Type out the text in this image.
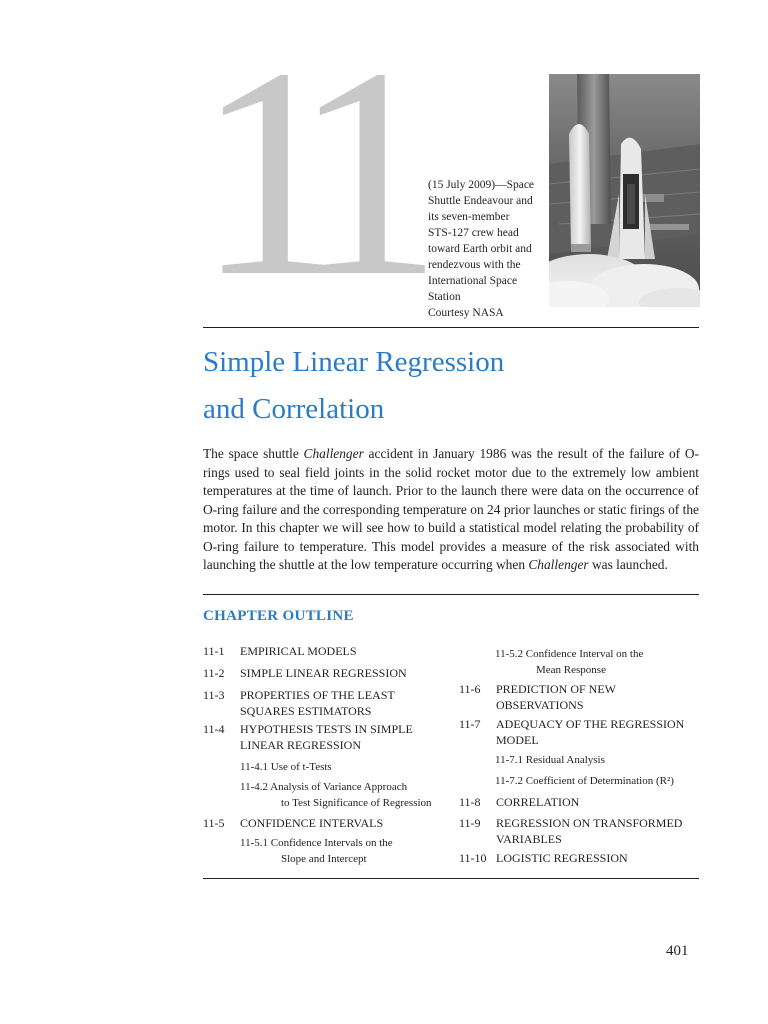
11 (15 July 2009)—Space
Shuttle Endeavour and
its seven-member
STS-127 crew head
toward Earth orbit and
rendezvous with the
International Space
Station
Courtesy NASA
Simple Linear Regression
and Correlation

The space shuttle Challenger accident in January 1986 was the result of the failure of O-rings used to seal field joints in the solid rocket motor due to the extremely low ambient temperatures at the time of launch. Prior to the launch there were data on the occurrence of O-ring failure and the corresponding temperature on 24 prior launches or static firings of the motor. In this chapter we will see how to build a statistical model relating the probability of O-ring failure to temperature. This model provides a measure of the risk associated with launching the shuttle at the low temperature occurring when Challenger was launched.

CHAPTER OUTLINE
11-1 EMPIRICAL MODELS
11-2 SIMPLE LINEAR REGRESSION
11-3 PROPERTIES OF THE LEAST
SQUARES ESTIMATORS
11-4 HYPOTHESIS TESTS IN SIMPLE
LINEAR REGRESSION
11-4.1 Use of t-Tests
11-4.2 Analysis of Variance Approach
to Test Significance of Regression
11-5 CONFIDENCE INTERVALS
11-5.1 Confidence Intervals on the
Slope and Intercept
11-5.2 Confidence Interval on the
Mean Response
11-6 PREDICTION OF NEW
OBSERVATIONS
11-7 ADEQUACY OF THE REGRESSION
MODEL
11-7.1 Residual Analysis
11-7.2 Coefficient of Determination (R²)
11-8 CORRELATION
11-9 REGRESSION ON TRANSFORMED
VARIABLES
11-10 LOGISTIC REGRESSION

401
